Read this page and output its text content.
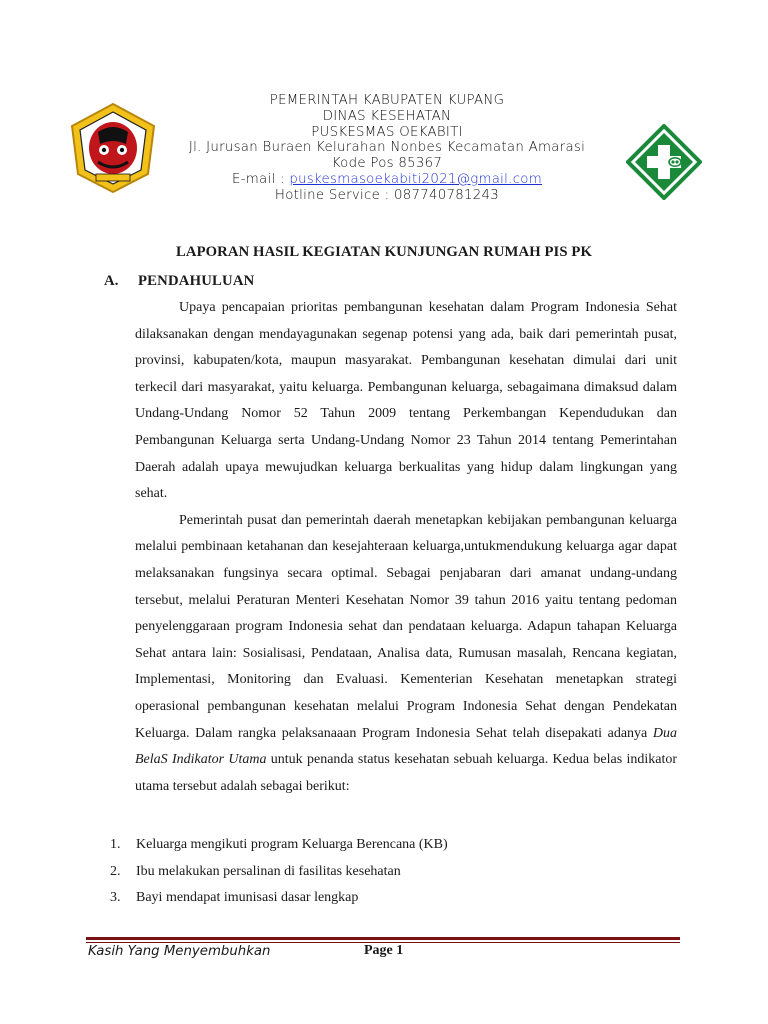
PEMERINTAH KABUPATEN KUPANG
DINAS KESEHATAN
PUSKESMAS OEKABITI
Jl. Jurusan Buraen Kelurahan Nonbes Kecamatan Amarasi
Kode Pos 85367
E-mail : puskesmasoekabiti2021@gmail.com
Hotline Service : 087740781243
LAPORAN HASIL KEGIATAN KUNJUNGAN RUMAH PIS PK
A. PENDAHULUAN

Upaya pencapaian prioritas pembangunan kesehatan dalam Program Indonesia Sehat dilaksanakan dengan mendayagunakan segenap potensi yang ada, baik dari pemerintah pusat, provinsi, kabupaten/kota, maupun masyarakat. Pembangunan kesehatan dimulai dari unit terkecil dari masyarakat, yaitu keluarga. Pembangunan keluarga, sebagaimana dimaksud dalam Undang-Undang Nomor 52 Tahun 2009 tentang Perkembangan Kependudukan dan Pembangunan Keluarga serta Undang-Undang Nomor 23 Tahun 2014 tentang Pemerintahan Daerah adalah upaya mewujudkan keluarga berkualitas yang hidup dalam lingkungan yang sehat.

Pemerintah pusat dan pemerintah daerah menetapkan kebijakan pembangunan keluarga melalui pembinaan ketahanan dan kesejahteraan keluarga,untukmendukung keluarga agar dapat melaksanakan fungsinya secara optimal. Sebagai penjabaran dari amanat undang-undang tersebut, melalui Peraturan Menteri Kesehatan Nomor 39 tahun 2016 yaitu tentang pedoman penyelenggaraan program Indonesia sehat dan pendataan keluarga. Adapun tahapan Keluarga Sehat antara lain: Sosialisasi, Pendataan, Analisa data, Rumusan masalah, Rencana kegiatan, Implementasi, Monitoring dan Evaluasi. Kementerian Kesehatan menetapkan strategi operasional pembangunan kesehatan melalui Program Indonesia Sehat dengan Pendekatan Keluarga. Dalam rangka pelaksanaaan Program Indonesia Sehat telah disepakati adanya Dua BelaS Indikator Utama untuk penanda status kesehatan sebuah keluarga. Kedua belas indikator utama tersebut adalah sebagai berikut:

1. Keluarga mengikuti program Keluarga Berencana (KB)
2. Ibu melakukan persalinan di fasilitas kesehatan
3. Bayi mendapat imunisasi dasar lengkap
Kasih Yang Menyembuhkan	Page 1
